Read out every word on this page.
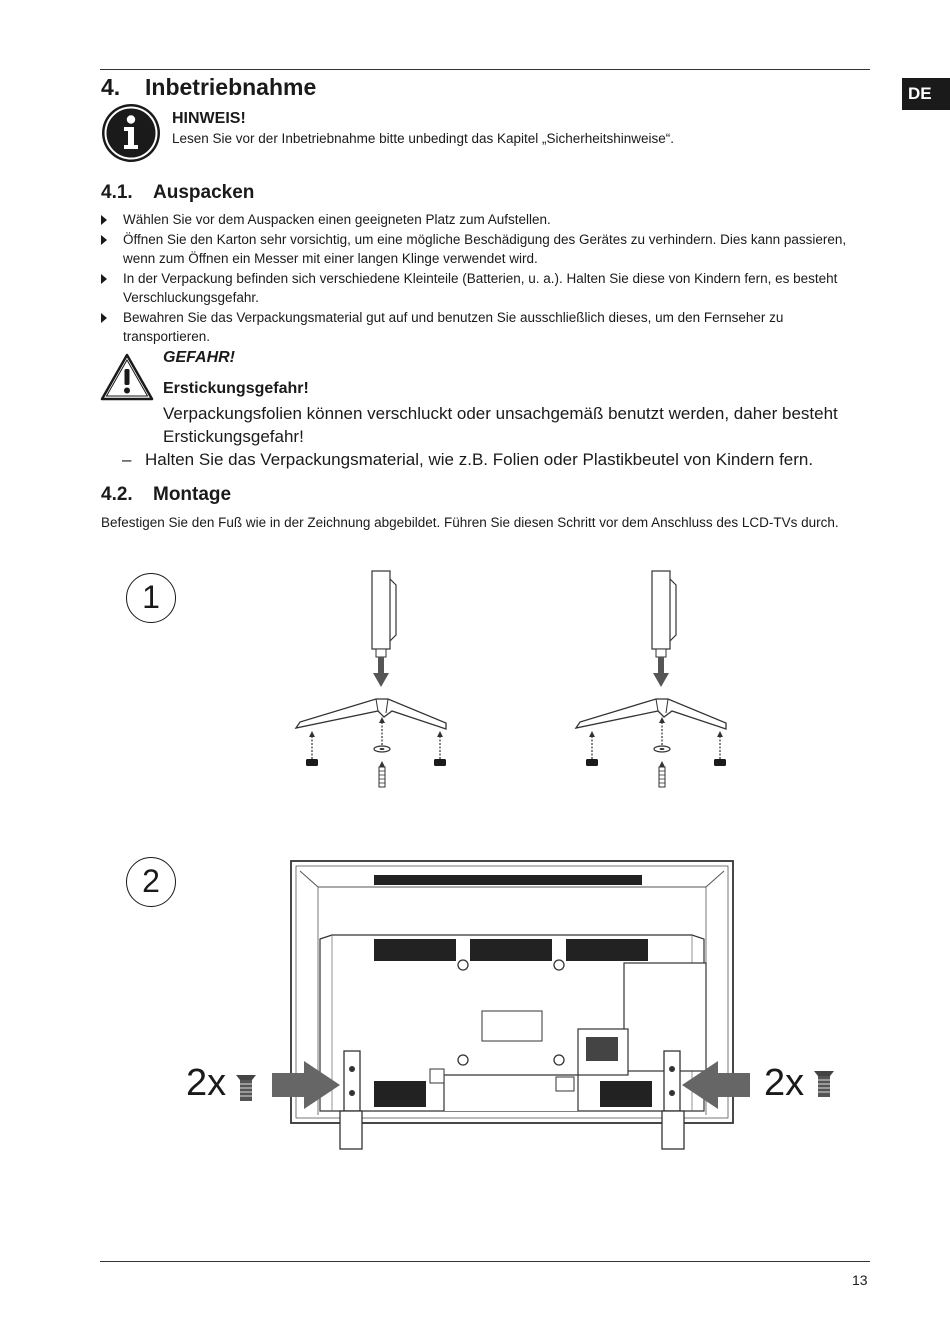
DE
4. Inbetriebnahme
HINWEIS!
Lesen Sie vor der Inbetriebnahme bitte unbedingt das Kapitel „Sicherheitshinweise“.
4.1. Auspacken
Wählen Sie vor dem Auspacken einen geeigneten Platz zum Aufstellen.
Öffnen Sie den Karton sehr vorsichtig, um eine mögliche Beschädigung des Gerätes zu verhindern. Dies kann passieren, wenn zum Öffnen ein Messer mit einer langen Klinge verwendet wird.
In der Verpackung befinden sich verschiedene Kleinteile (Batterien, u. a.). Halten Sie diese von Kindern fern, es besteht Verschluckungsgefahr.
Bewahren Sie das Verpackungsmaterial gut auf und benutzen Sie ausschließlich dieses, um den Fernseher zu transportieren.
GEFAHR!
Erstickungsgefahr!
Verpackungsfolien können verschluckt oder unsachgemäß benutzt werden, daher besteht Erstickungsgefahr!
– Halten Sie das Verpackungsmaterial, wie z.B. Folien oder Plastikbeutel von Kindern fern.
4.2. Montage
Befestigen Sie den Fuß wie in der Zeichnung abgebildet. Führen Sie diesen Schritt vor dem Anschluss des LCD-TVs durch.
1
2
2x	2x
13
